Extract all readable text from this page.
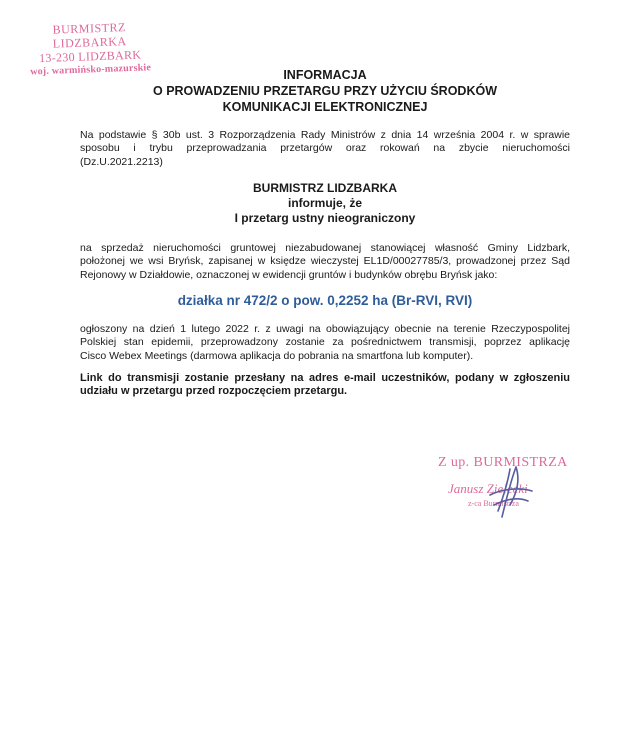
BURMISTRZ LIDZBARKA
13-230 LIDZBARK
woj. warmińsko-mazurskie	INFORMACJA
O PROWADZENIU PRZETARGU PRZY UŻYCIU ŚRODKÓW
KOMUNIKACJI ELEKTRONICZNEJ
Na podstawie § 30b ust. 3 Rozporządzenia Rady Ministrów z dnia 14 września 2004 r. w sprawie
sposobu i trybu przeprowadzania przetargów oraz rokowań na zbycie nieruchomości
(Dz.U.2021.2213)
BURMISTRZ LIDZBARKA
informuje, że
I przetarg ustny nieograniczony
na sprzedaż nieruchomości gruntowej niezabudowanej stanowiącej własność Gminy Lidzbark,
położonej we wsi Bryńsk, zapisanej w księdze wieczystej EL1D/00027785/3, prowadzonej przez Sąd
Rejonowy w Działdowie, oznaczonej w ewidencji gruntów i budynków obrębu Bryńsk jako:
działka nr 472/2 o pow. 0,2252 ha (Br-RVI, RVI)
ogłoszony na dzień 1 lutego 2022 r. z uwagi na obowiązujący obecnie na terenie Rzeczypospolitej
Polskiej stan epidemii, przeprowadzony zostanie za pośrednictwem transmisji, poprzez aplikację
Cisco Webex Meetings (darmowa aplikacja do pobrania na smartfona lub komputer).
Link do transmisji zostanie przesłany na adres e-mail uczestników, podany w zgłoszeniu
udziału w przetargu przed rozpoczęciem przetargu.
Z up. BURMISTRZA
Janusz Zielecki
z-ca Burmistrza
